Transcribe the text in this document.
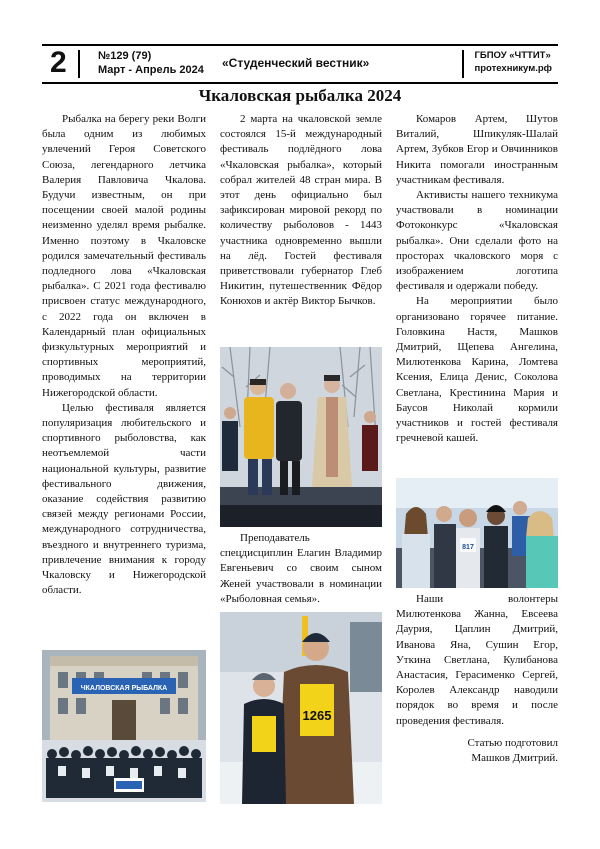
2	№129 (79)
Март - Апрель 2024 «Студенческий вестник»
ГБПОУ «ЧТТИТ»
протехникум.рф
Чкаловская рыбалка 2024

Рыбалка на берегу реки Волги была одним из любимых увлечений Героя Советского Союза, легендарного летчика Валерия Павловича Чкалова. Будучи известным, он при посещении своей малой родины неизменно уделял время рыбалке. Именно поэтому в Чкаловске родился замечательный фестиваль подледного лова «Чкаловская рыбалка». С 2021 года фестивалю присвоен статус международного, с 2022 года он включен в Календарный план официальных физкультурных мероприятий и спортивных мероприятий, проводимых на территории Нижегородской области.

Целью фестиваля является популяризация любительского и спортивного рыболовства, как неотъемлемой части национальной культуры, развитие фестивального движения, оказание содействия развитию связей между регионами России, международного сотрудничества, въездного и внутреннего туризма, привлечение внимания к городу Чкаловску и Нижегородской области.

ЧКАЛОВСКАЯ РЫБАЛКА

2 марта на чкаловской земле состоялся 15-й международный фестиваль подлёдного лова «Чкаловская рыбалка», который собрал жителей 48 стран мира. В этот день официально был зафиксирован мировой рекорд по количеству рыболовов - 1443 участника одновременно вышли на лёд. Гостей фестиваля приветствовали губернатор Глеб Никитин, путешественник Фёдор Конюхов и актёр Виктор Бычков.

Преподаватель спецдисциплин Елагин Владимир Евгеньевич со своим сыном Женей участвовали в номинации «Рыболовная семья».

1265

Комаров Артем, Шутов Виталий, Шпикуляк-Шалай Артем, Зубков Егор и Овчинников Никита помогали иностранным участникам фестиваля.

Активисты нашего техникума участвовали в номинации Фотоконкурс «Чкаловская рыбалка». Они сделали фото на просторах чкаловского моря с изображением логотипа фестиваля и одержали победу.

На мероприятии было организовано горячее питание. Головкина Настя, Машков Дмитрий, Щепева Ангелина, Милютенкова Карина, Ломтева Ксения, Елица Денис, Соколова Светлана, Крестинина Мария и Баусов Николай кормили участников и гостей фестиваля гречневой кашей.

817

Наши волонтеры Милютенкова Жанна, Евсеева Даурия, Цаплин Дмитрий, Иванова Яна, Сушин Егор, Уткина Светлана, Кулибанова Анастасия, Герасименко Сергей, Королев Александр наводили порядок во время и после проведения фестиваля.

Статью подготовил
Машков Дмитрий.
